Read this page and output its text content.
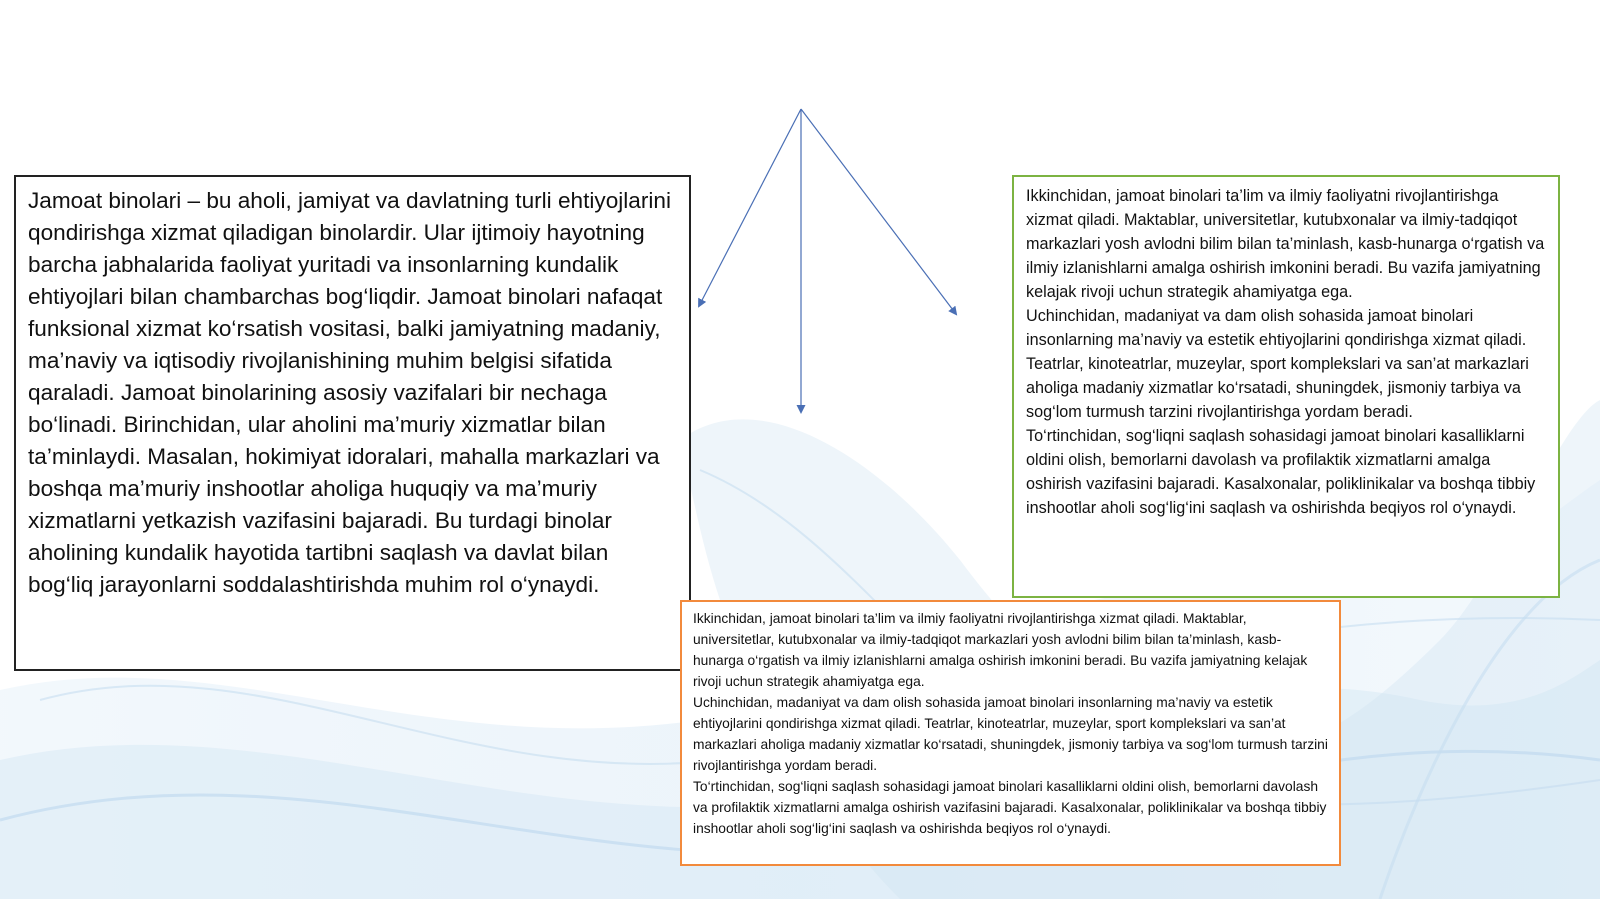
Jamoat binolari – bu aholi, jamiyat va davlatning turli ehtiyojlarini qondirishga xizmat qiladigan binolardir. Ular ijtimoiy hayotning barcha jabhalarida faoliyat yuritadi va insonlarning kundalik ehtiyojlari bilan chambarchas bog‘liqdir. Jamoat binolari nafaqat funksional xizmat ko‘rsatish vositasi, balki jamiyatning madaniy, ma’naviy va iqtisodiy rivojlanishining muhim belgisi sifatida qaraladi. Jamoat binolarining asosiy vazifalari bir nechaga bo‘linadi. Birinchidan, ular aholini ma’muriy xizmatlar bilan ta’minlaydi. Masalan, hokimiyat idoralari, mahalla markazlari va boshqa ma’muriy inshootlar aholiga huquqiy va ma’muriy xizmatlarni yetkazish vazifasini bajaradi. Bu turdagi binolar aholining kundalik hayotida tartibni saqlash va davlat bilan bog‘liq jarayonlarni soddalashtirishda muhim rol o‘ynaydi.

Ikkinchidan, jamoat binolari ta’lim va ilmiy faoliyatni rivojlantirishga xizmat qiladi. Maktablar, universitetlar, kutubxonalar va ilmiy-tadqiqot markazlari yosh avlodni bilim bilan ta’minlash, kasb-hunarga o‘rgatish va ilmiy izlanishlarni amalga oshirish imkonini beradi. Bu vazifa jamiyatning kelajak rivoji uchun strategik ahamiyatga ega.

Uchinchidan, madaniyat va dam olish sohasida jamoat binolari insonlarning ma’naviy va estetik ehtiyojlarini qondirishga xizmat qiladi. Teatrlar, kinoteatrlar, muzeylar, sport komplekslari va san’at markazlari aholiga madaniy xizmatlar ko‘rsatadi, shuningdek, jismoniy tarbiya va sog‘lom turmush tarzini rivojlantirishga yordam beradi.

To‘rtinchidan, sog‘liqni saqlash sohasidagi jamoat binolari kasalliklarni oldini olish, bemorlarni davolash va profilaktik xizmatlarni amalga oshirish vazifasini bajaradi. Kasalxonalar, poliklinikalar va boshqa tibbiy inshootlar aholi sog‘lig‘ini saqlash va oshirishda beqiyos rol o‘ynaydi.

Ikkinchidan, jamoat binolari ta’lim va ilmiy faoliyatni rivojlantirishga xizmat qiladi. Maktablar, universitetlar, kutubxonalar va ilmiy-tadqiqot markazlari yosh avlodni bilim bilan ta’minlash, kasb-hunarga o‘rgatish va ilmiy izlanishlarni amalga oshirish imkonini beradi. Bu vazifa jamiyatning kelajak rivoji uchun strategik ahamiyatga ega.

Uchinchidan, madaniyat va dam olish sohasida jamoat binolari insonlarning ma’naviy va estetik ehtiyojlarini qondirishga xizmat qiladi. Teatrlar, kinoteatrlar, muzeylar, sport komplekslari va san’at markazlari aholiga madaniy xizmatlar ko‘rsatadi, shuningdek, jismoniy tarbiya va sog‘lom turmush tarzini rivojlantirishga yordam beradi.

To‘rtinchidan, sog‘liqni saqlash sohasidagi jamoat binolari kasalliklarni oldini olish, bemorlarni davolash va profilaktik xizmatlarni amalga oshirish vazifasini bajaradi. Kasalxonalar, poliklinikalar va boshqa tibbiy inshootlar aholi sog‘lig‘ini saqlash va oshirishda beqiyos rol o‘ynaydi.
